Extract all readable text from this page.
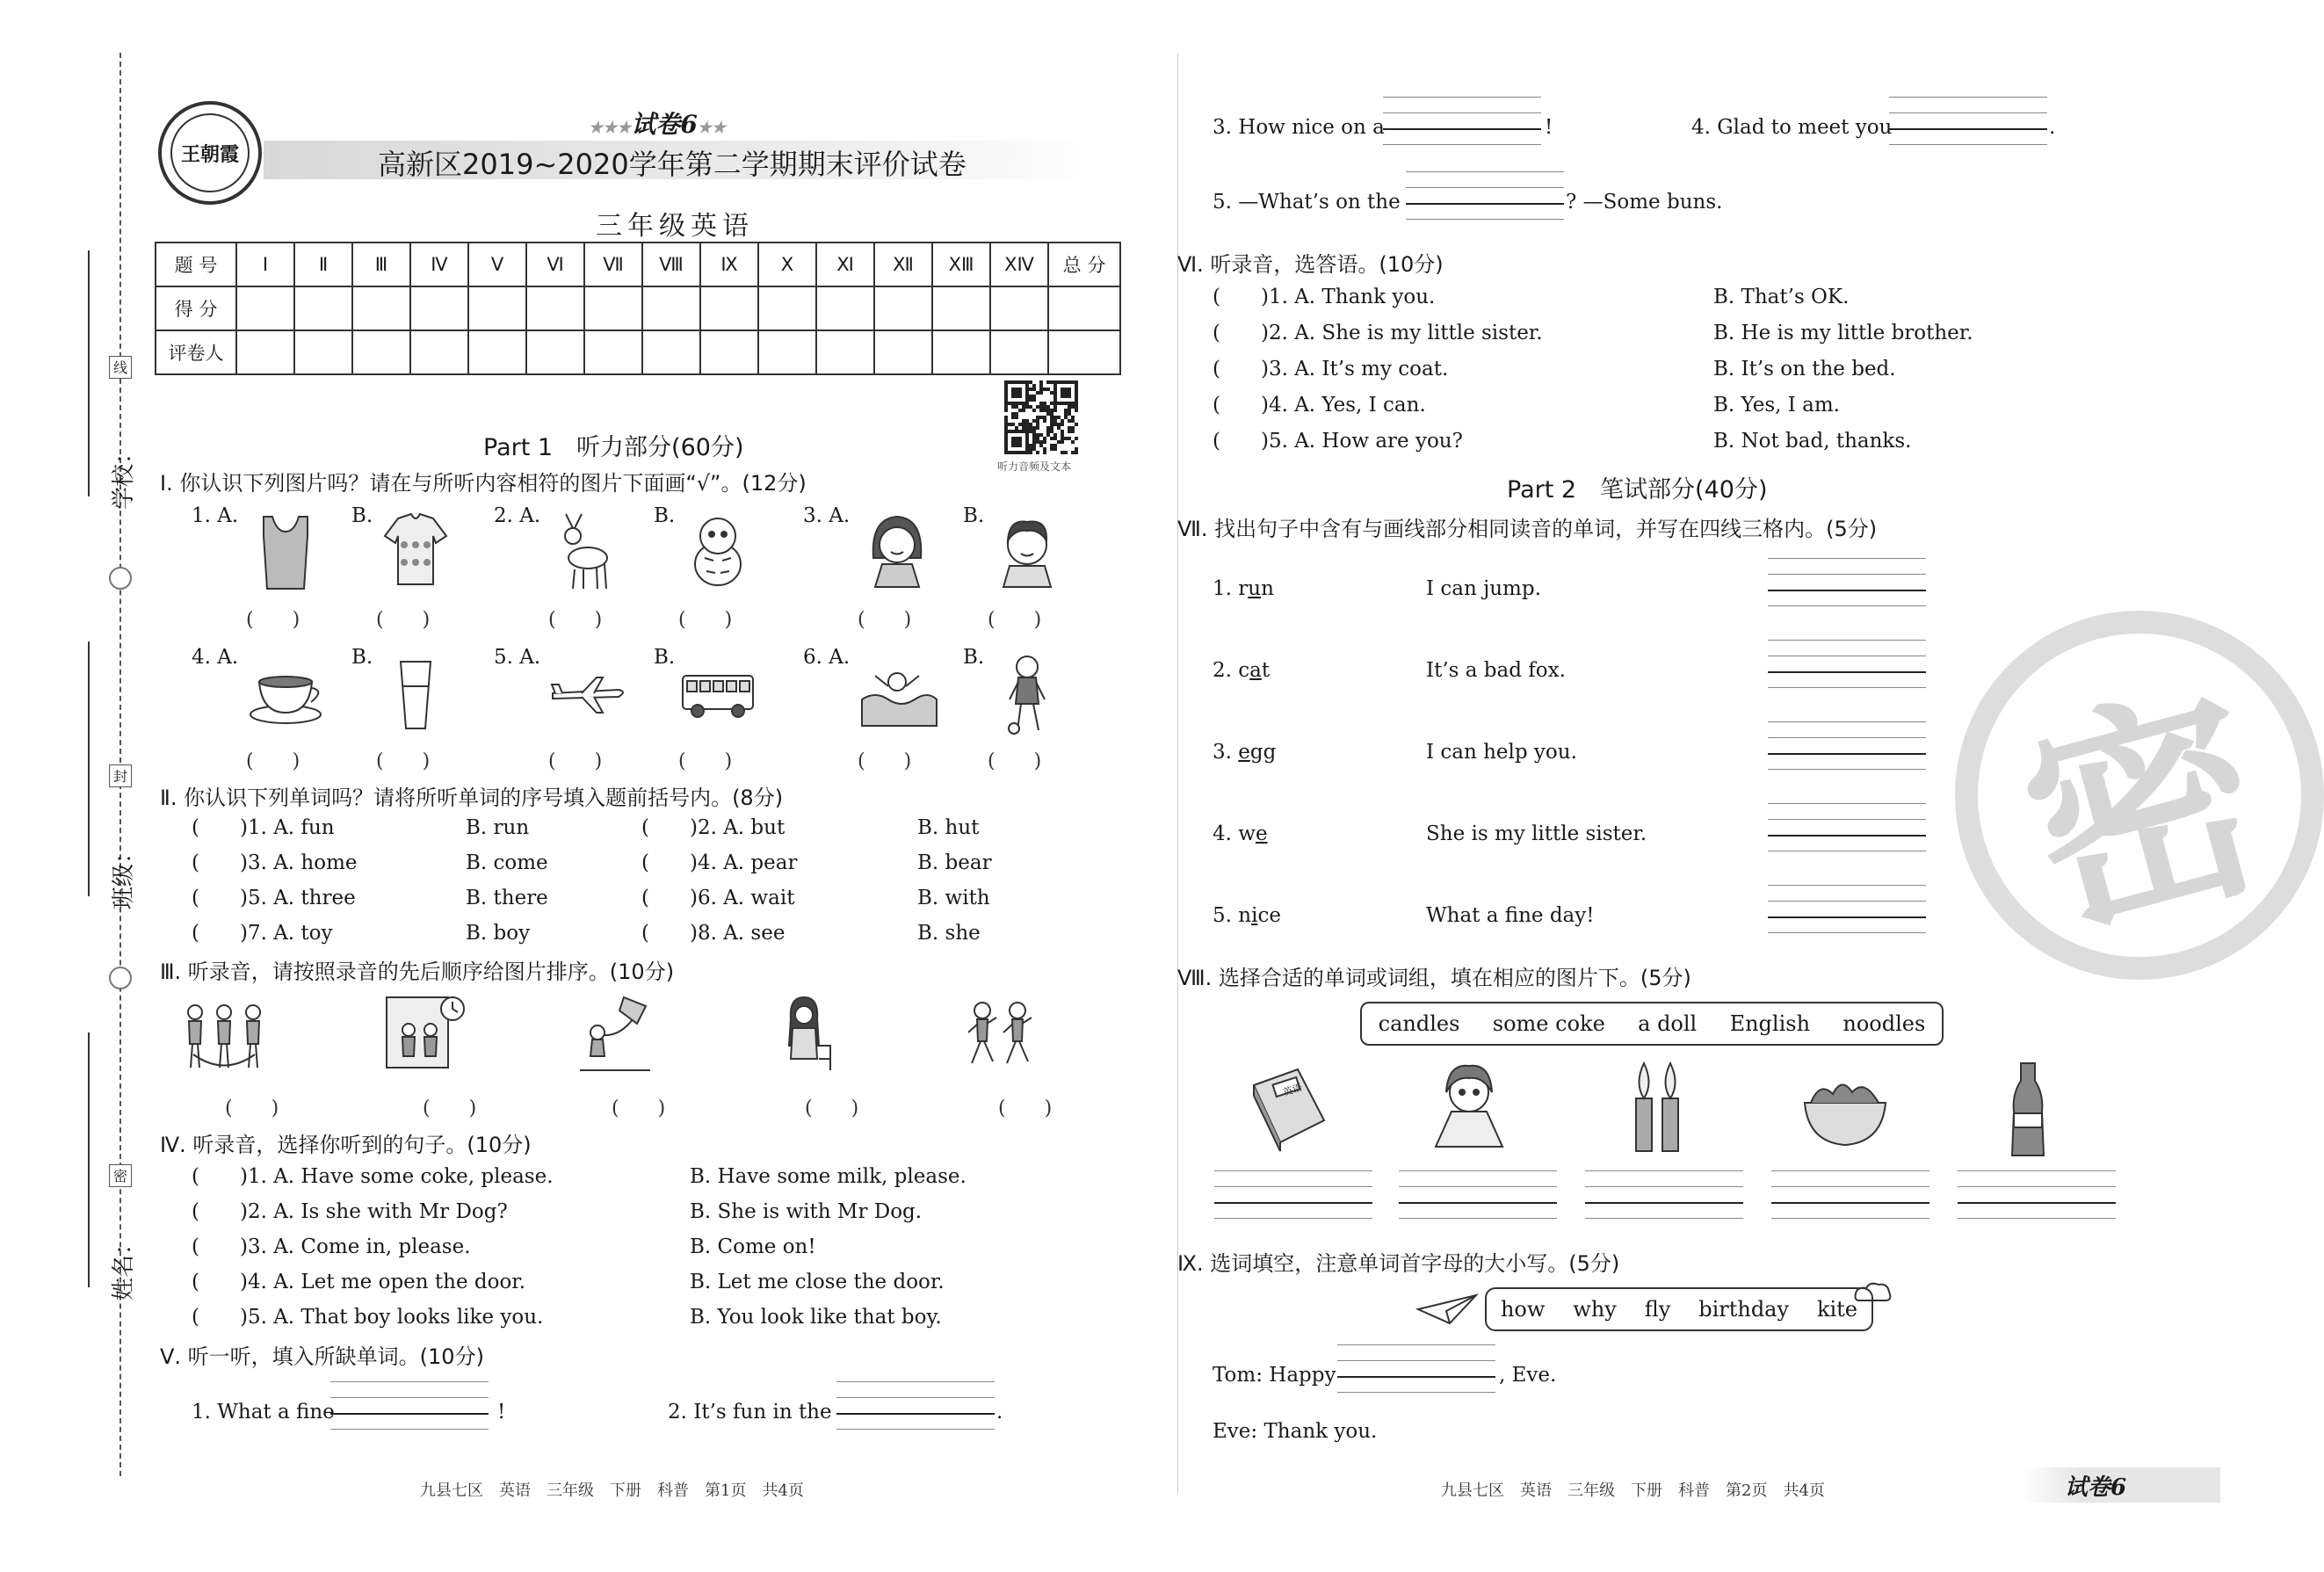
学校：
班级：
姓名：
线
封
密
王朝霞
★★★试卷6★★
高新区2019~2020学年第二学期期末评价试卷
三年级英语
题 号	Ⅰ	Ⅱ	Ⅲ	Ⅳ	Ⅴ	Ⅵ	Ⅶ	Ⅷ	Ⅸ	Ⅹ	Ⅺ	Ⅻ	ⅩⅢ	ⅩⅣ	总 分
得 分															
评卷人															
听力音频及文本
Part 1　听力部分(60分)
Ⅰ. 你认识下列图片吗？请在与所听内容相符的图片下面画“√”。(12分)
1. A.
(　　)
B.
(　　)
2. A.
(　　)
B.
(　　)
3. A.
(　　)
B.
(　　)
4. A.
(　　)
B.
(　　)
5. A.
(　　)
B.
(　　)
6. A.
(　　)
B.
(　　)
Ⅱ. 你认识下列单词吗？请将所听单词的序号填入题前括号内。(8分)
(　　)1. A. fun	B. run	(　　)2. A. but	B. hut
(　　)3. A. home	B. come	(　　)4. A. pear	B. bear
(　　)5. A. three	B. there	(　　)6. A. wait	B. with
(　　)7. A. toy	B. boy	(　　)8. A. see	B. she
Ⅲ. 听录音，请按照录音的先后顺序给图片排序。(10分)
(　　)	(　　)	(　　)	(　　)	(　　)
Ⅳ. 听录音，选择你听到的句子。(10分)
(　　)1. A. Have some coke, please.	B. Have some milk, please.
(　　)2. A. Is she with Mr Dog?	B. She is with Mr Dog.
(　　)3. A. Come in, please.	B. Come on!
(　　)4. A. Let me open the door.	B. Let me close the door.
(　　)5. A. That boy looks like you.	B. You look like that boy.
Ⅴ. 听一听，填入所缺单词。(10分)
1. What a fine	!	2. It’s fun in the	.
3. How nice on a	!	4. Glad to meet you	.
5. —What’s on the	? —Some buns.
Ⅵ. 听录音，选答语。(10分)
(　　)1. A. Thank you.	B. That’s OK.
(　　)2. A. She is my little sister.	B. He is my little brother.
(　　)3. A. It’s my coat.	B. It’s on the bed.
(　　)4. A. Yes, I can.	B. Yes, I am.
(　　)5. A. How are you?	B. Not bad, thanks.
Part 2　笔试部分(40分)
Ⅶ. 找出句子中含有与画线部分相同读音的单词，并写在四线三格内。(5分)
1. run	I can jump.
2. cat	It’s a bad fox.
3. egg	I can help you.
4. we	She is my little sister.
5. nice	What a fine day!
Ⅷ. 选择合适的单词或词组，填在相应的图片下。(5分)
candles some coke a doll English noodles
英语
Ⅸ. 选词填空，注意单词首字母的大小写。(5分)
how why fly birthday kite
Tom: Happy	, Eve.
Eve: Thank you.
密
九县七区　英语　三年级　下册　科普　第1页　共4页	九县七区　英语　三年级　下册　科普　第2页　共4页	试卷6
